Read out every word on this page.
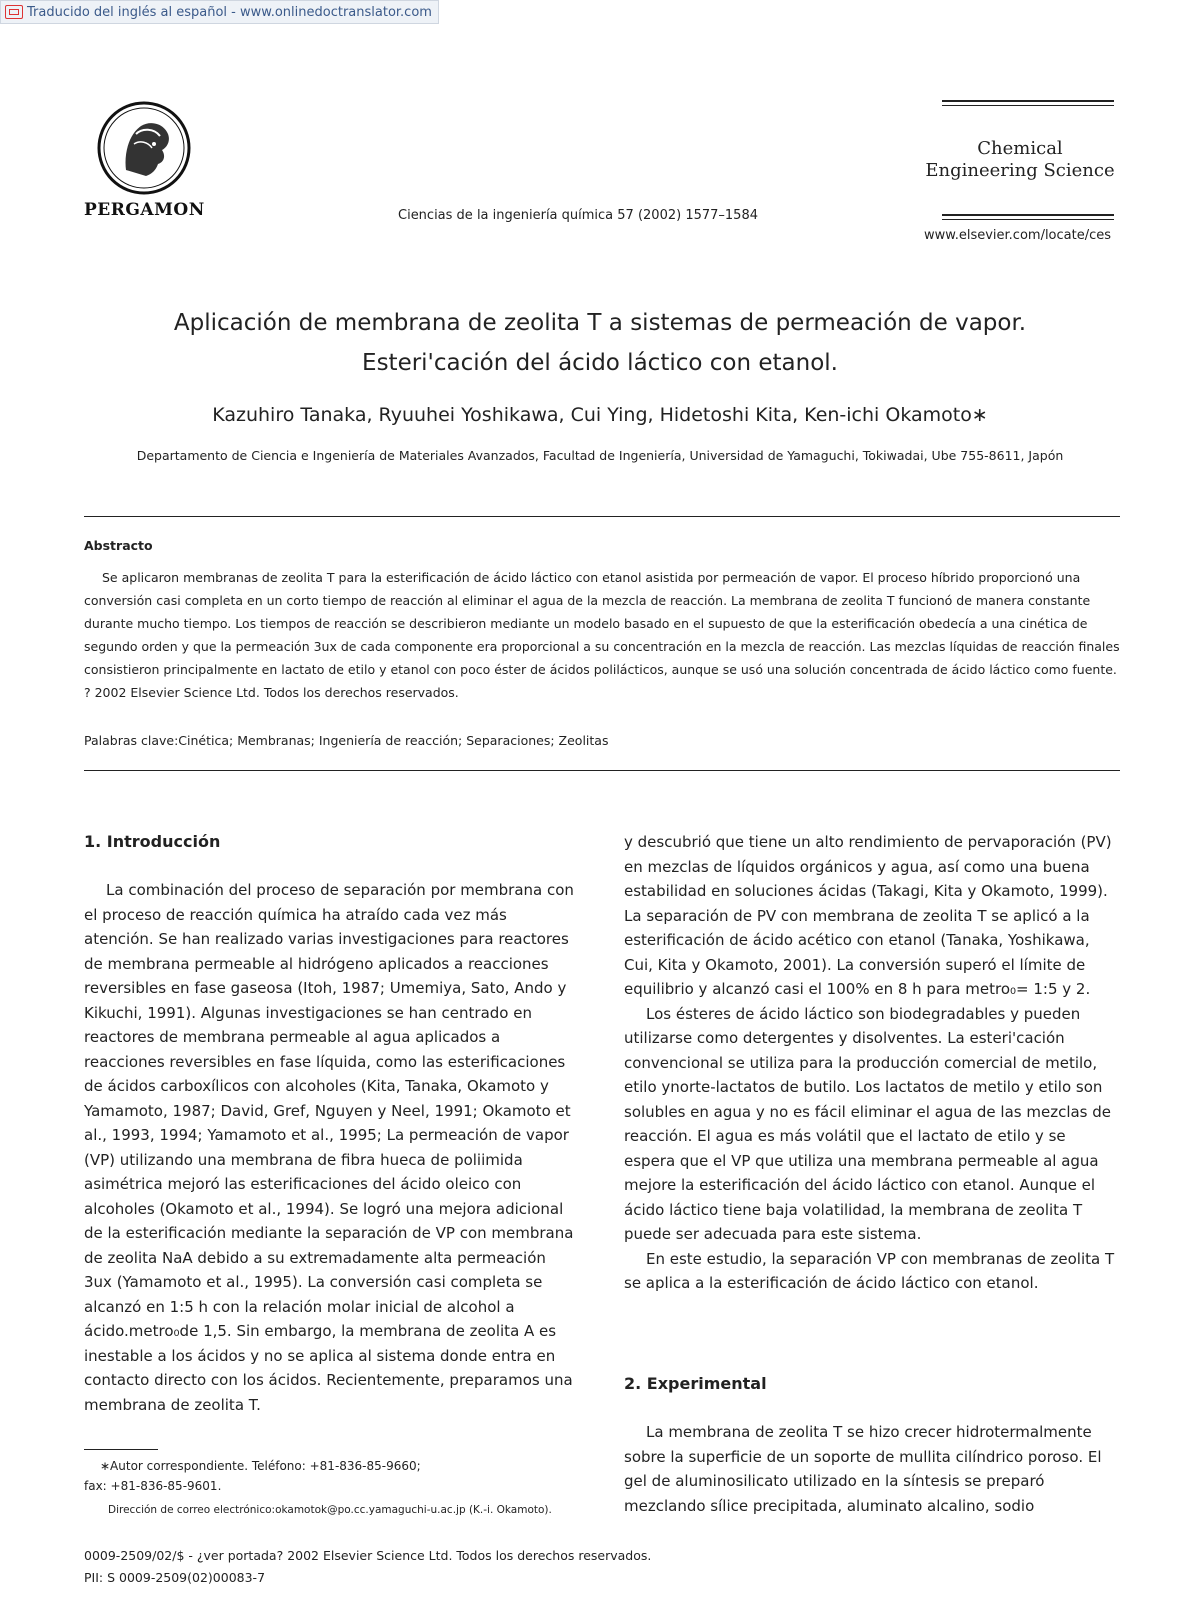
Traducido del inglés al español - www.onlinedoctranslator.com
PERGAMON	Ciencias de la ingeniería química 57 (2002) 1577–1584
Chemical
Engineering Science
www.elsevier.com/locate/ces
Aplicación de membrana de zeolita T a sistemas de permeación de vapor.
Esteri'cación del ácido láctico con etanol.
Kazuhiro Tanaka, Ryuuhei Yoshikawa, Cui Ying, Hidetoshi Kita, Ken-ichi Okamoto∗
Departamento de Ciencia e Ingeniería de Materiales Avanzados, Facultad de Ingeniería, Universidad de Yamaguchi, Tokiwadai, Ube 755-8611, Japón
Abstracto

Se aplicaron membranas de zeolita T para la esterificación de ácido láctico con etanol asistida por permeación de vapor. El proceso híbrido proporcionó una conversión casi completa en un corto tiempo de reacción al eliminar el agua de la mezcla de reacción. La membrana de zeolita T funcionó de manera constante durante mucho tiempo. Los tiempos de reacción se describieron mediante un modelo basado en el supuesto de que la esterificación obedecía a una cinética de segundo orden y que la permeación 3ux de cada componente era proporcional a su concentración en la mezcla de reacción. Las mezclas líquidas de reacción finales consistieron principalmente en lactato de etilo y etanol con poco éster de ácidos polilácticos, aunque se usó una solución concentrada de ácido láctico como fuente. ? 2002 Elsevier Science Ltd. Todos los derechos reservados.

Palabras clave:Cinética; Membranas; Ingeniería de reacción; Separaciones; Zeolitas
1. Introducción

La combinación del proceso de separación por membrana con el proceso de reacción química ha atraído cada vez más atención. Se han realizado varias investigaciones para reactores de membrana permeable al hidrógeno aplicados a reacciones reversibles en fase gaseosa (Itoh, 1987; Umemiya, Sato, Ando y Kikuchi, 1991). Algunas investigaciones se han centrado en reactores de membrana permeable al agua aplicados a reacciones reversibles en fase líquida, como las esterificaciones de ácidos carboxílicos con alcoholes (Kita, Tanaka, Okamoto y Yamamoto, 1987; David, Gref, Nguyen y Neel, 1991; Okamoto et al., 1993, 1994; Yamamoto et al., 1995; La permeación de vapor (VP) utilizando una membrana de fibra hueca de poliimida asimétrica mejoró las esterificaciones del ácido oleico con alcoholes (Okamoto et al., 1994). Se logró una mejora adicional de la esterificación mediante la separación de VP con membrana de zeolita NaA debido a su extremadamente alta permeación 3ux (Yamamoto et al., 1995). La conversión casi completa se alcanzó en 1:5 h con la relación molar inicial de alcohol a ácido.metro₀de 1,5. Sin embargo, la membrana de zeolita A es inestable a los ácidos y no se aplica al sistema donde entra en contacto directo con los ácidos. Recientemente, preparamos una membrana de zeolita T.

y descubrió que tiene un alto rendimiento de pervaporación (PV) en mezclas de líquidos orgánicos y agua, así como una buena estabilidad en soluciones ácidas (Takagi, Kita y Okamoto, 1999). La separación de PV con membrana de zeolita T se aplicó a la esterificación de ácido acético con etanol (Tanaka, Yoshikawa, Cui, Kita y Okamoto, 2001). La conversión superó el límite de equilibrio y alcanzó casi el 100% en 8 h para metro₀= 1:5 y 2.

Los ésteres de ácido láctico son biodegradables y pueden utilizarse como detergentes y disolventes. La esteri'cación convencional se utiliza para la producción comercial de metilo, etilo ynorte-lactatos de butilo. Los lactatos de metilo y etilo son solubles en agua y no es fácil eliminar el agua de las mezclas de reacción. El agua es más volátil que el lactato de etilo y se espera que el VP que utiliza una membrana permeable al agua mejore la esterificación del ácido láctico con etanol. Aunque el ácido láctico tiene baja volatilidad, la membrana de zeolita T puede ser adecuada para este sistema.

En este estudio, la separación VP con membranas de zeolita T se aplica a la esterificación de ácido láctico con etanol.

2. Experimental

La membrana de zeolita T se hizo crecer hidrotermalmente sobre la superficie de un soporte de mullita cilíndrico poroso. El gel de aluminosilicato utilizado en la síntesis se preparó mezclando sílice precipitada, aluminato alcalino, sodio

∗Autor correspondiente. Teléfono: +81-836-85-9660;
fax: +81-836-85-9601.
Dirección de correo electrónico:okamotok@po.cc.yamaguchi-u.ac.jp (K.-i. Okamoto).
0009-2509/02/$ - ¿ver portada? 2002 Elsevier Science Ltd. Todos los derechos reservados.
PII: S 0009-2509(02)00083-7
